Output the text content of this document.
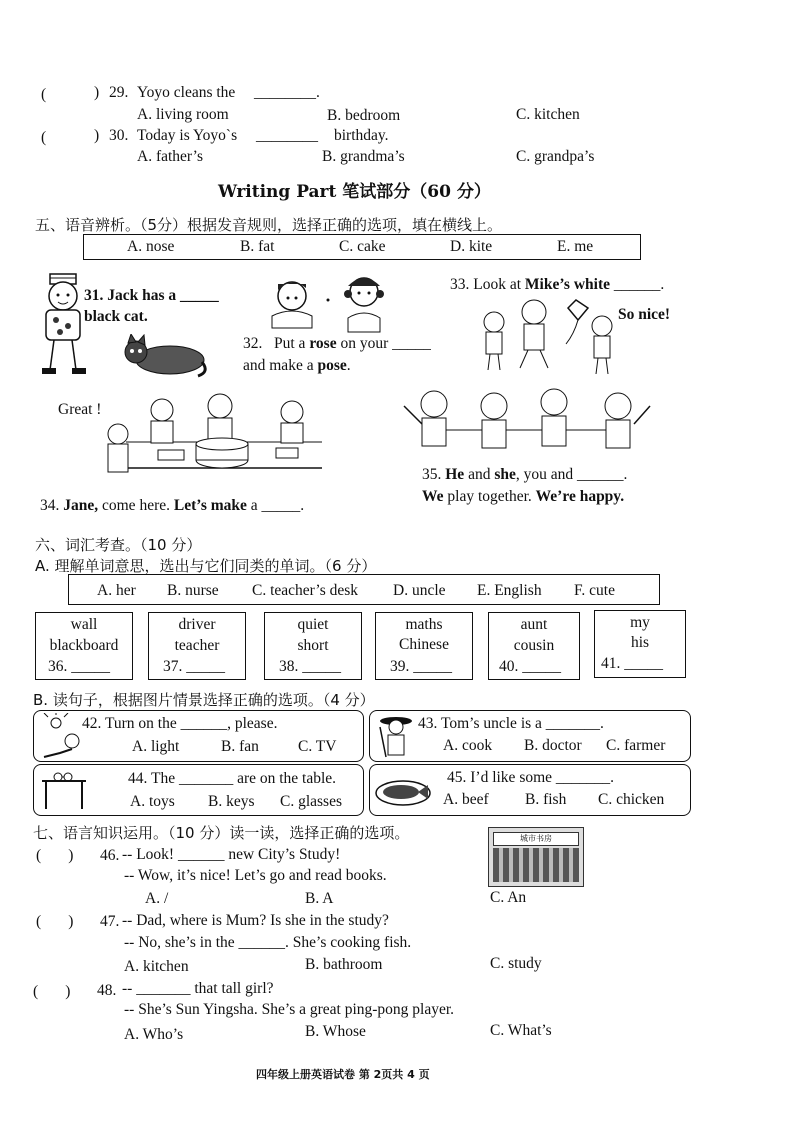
(	) 29. Yoyo cleans the ________.
A. living room	B. bedroom	C. kitchen
(	) 30. Today is Yoyo`s ________ birthday.
A. father’s	B. grandma’s	C. grandpa’s
Writing Part 笔试部分（60 分）
五、语音辨析。（5分）根据发音规则，选择正确的选项，填在横线上。
A. nose	B. fat	C. cake	D. kite	E. me
31. Jack has a _____
black cat.
32.   Put a rose on your _____
and make a pose.
33. Look at Mike’s white ______.
So nice!
Great !
34. Jane, come here. Let’s make a _____.
35. He and she, you and ______.
We play together. We’re happy.
六、词汇考查。（10 分）
A. 理解单词意思，选出与它们同类的单词。（6 分）
A. her B. nurse C. teacher’s desk D. uncle E. English F. cute
wall
blackboard
36. _____
driver
teacher
37. _____
quiet
short
38. _____
maths
Chinese
39. _____
aunt
cousin
40. _____
my
his
41. _____
B. 读句子，根据图片情景选择正确的选项。（4 分）
42. Turn on the ______, please.
A. light	B. fan	C. TV
43. Tom’s uncle is a _______.
A. cook B. doctor C. farmer
44. The _______ are on the table.
A. toys B. keys C. glasses
45. I’d like some _______.
A. beef B. fish C. chicken
七、语言知识运用。（10 分）读一读，选择正确的选项。	城市书房
(       ) 46. -- Look! ______ new City’s Study!
-- Wow, it’s nice! Let’s go and read books.
A. /	B. A	C. An
(       ) 47. -- Dad, where is Mum? Is she in the study?
-- No, she’s in the ______. She’s cooking fish.
A. kitchen	B. bathroom	C. study
(       ) 48. -- _______ that tall girl?
-- She’s Sun Yingsha. She’s a great ping-pong player.
A. Who’s	B. Whose	C. What’s
四年级上册英语试卷 第 2页共 4 页
